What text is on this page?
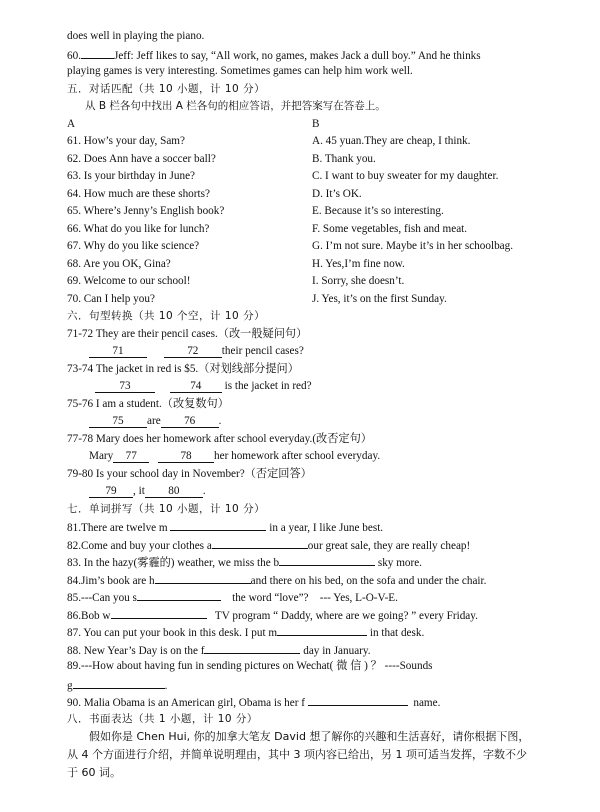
does well in playing the piano.
60.	Jeff: Jeff likes to say, “All work, no games, makes Jack a dull boy.” And he thinks
playing games is very interesting. Sometimes games can help him work well.
五．对话匹配（共 10 小题，计 10 分）
从 B 栏各句中找出 A 栏各句的相应答语，并把答案写在答卷上。
A	B
61. How’s your day, Sam?	A. 45 yuan.They are cheap, I think.
62. Does Ann have a soccer ball?	B. Thank you.
63. Is your birthday in June?	C. I want to buy sweater for my daughter.
64. How much are these shorts?	D. It’s OK.
65. Where’s Jenny’s English book?	E. Because it’s so interesting.
66. What do you like for lunch?	F. Some vegetables, fish and meat.
67. Why do you like science?	G. I’m not sure. Maybe it’s in her schoolbag.
68. Are you OK, Gina?	H. Yes,I’m fine now.
69. Welcome to our school!	I. Sorry, she doesn’t.
70. Can I help you?	J. Yes, it’s on the first Sunday.
六．句型转换（共 10 个空，计 10 分）
71-72 They are their pencil cases.（改一般疑问句）
71	72 their pencil cases?
73-74 The jacket in red is $5.（对划线部分提问）
73	74 is the jacket in red?
75-76 I am a student.（改复数句）
75 are 76 .
77-78 Mary does her homework after school everyday.(改否定句）
Mary 77	78 her homework after school everyday.
79-80 Is your school day in November?（否定回答）
79 , it 80 .
七．单词拼写（共 10 小题，计 10 分）
81.There are twelve m	in a year, I like June best.
82.Come and buy your clothes a	our great sale, they are really cheap!
83. In the hazy(雾霾的) weather, we miss the b	sky more.
84.Jim’s book are h	and there on his bed, on the sofa and under the chair.
85.---Can you s	the word “love”? --- Yes, L-O-V-E.
86.Bob w	TV program “ Daddy, where are we going? ” every Friday.
87. You can put your book in this desk. I put m	in that desk.
88. New Year’s Day is on the f	day in January.
89.---How about having fun in sending pictures on Wechat( 微 信 ) ？ ----Sounds
g	.
90. Malia Obama is an American girl, Obama is her f	name.
八．书面表达（共 1 小题，计 10 分）
假如你是 Chen Hui, 你的加拿大笔友 David 想了解你的兴趣和生活喜好，请你根据下图，从 4 个方面进行介绍，并简单说明理由，其中 3 项内容已给出，另 1 项可适当发挥，字数不少于 60 词。
